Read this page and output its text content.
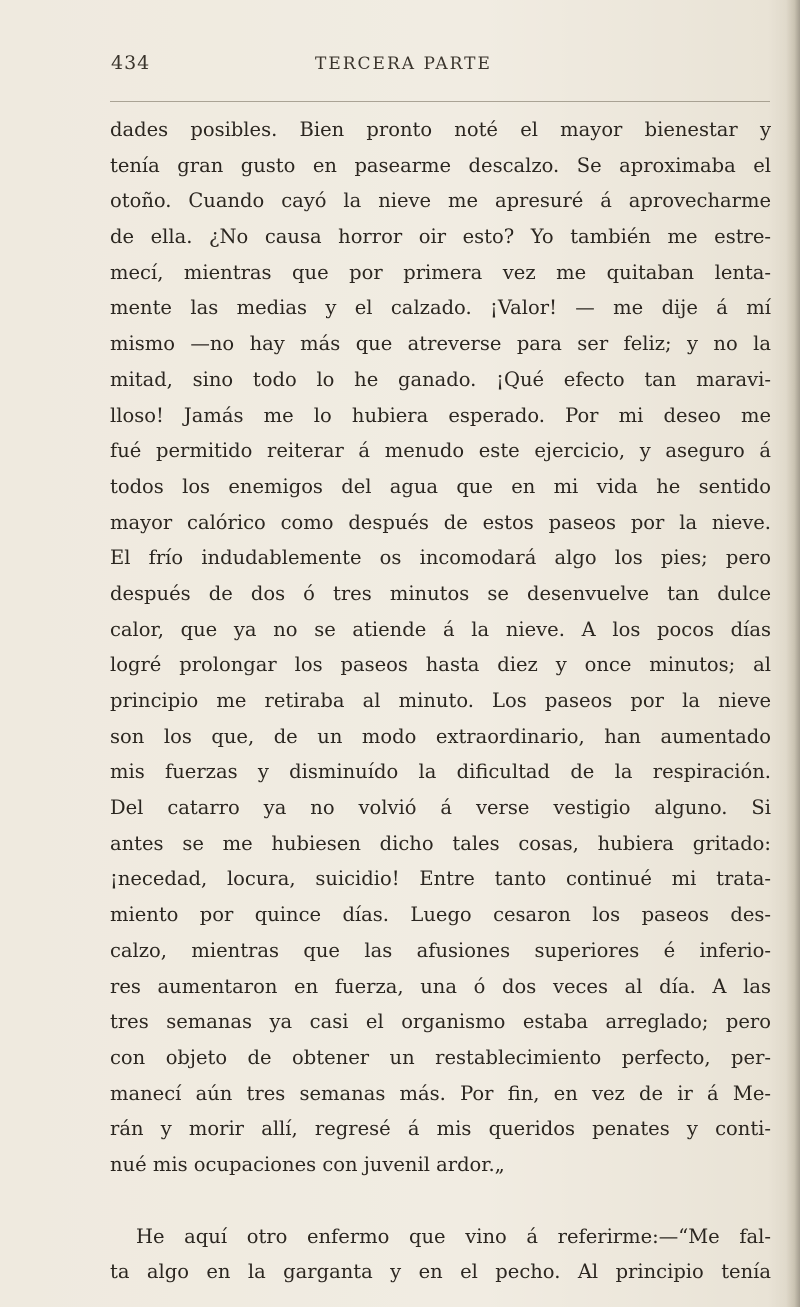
434	TERCERA PARTE
dades posibles. Bien pronto noté el mayor bienestar y
tenía gran gusto en pasearme descalzo. Se aproximaba el
otoño. Cuando cayó la nieve me apresuré á aprovecharme
de ella. ¿No causa horror oir esto? Yo también me estre-
mecí, mientras que por primera vez me quitaban lenta-
mente las medias y el calzado. ¡Valor! — me dije á mí
mismo —no hay más que atreverse para ser feliz; y no la
mitad, sino todo lo he ganado. ¡Qué efecto tan maravi-
lloso! Jamás me lo hubiera esperado. Por mi deseo me
fué permitido reiterar á menudo este ejercicio, y aseguro á
todos los enemigos del agua que en mi vida he sentido
mayor calórico como después de estos paseos por la nieve.
El frío indudablemente os incomodará algo los pies; pero
después de dos ó tres minutos se desenvuelve tan dulce
calor, que ya no se atiende á la nieve. A los pocos días
logré prolongar los paseos hasta diez y once minutos; al
principio me retiraba al minuto. Los paseos por la nieve
son los que, de un modo extraordinario, han aumentado
mis fuerzas y disminuído la dificultad de la respiración.
Del catarro ya no volvió á verse vestigio alguno. Si
antes se me hubiesen dicho tales cosas, hubiera gritado:
¡necedad, locura, suicidio! Entre tanto continué mi trata-
miento por quince días. Luego cesaron los paseos des-
calzo, mientras que las afusiones superiores é inferio-
res aumentaron en fuerza, una ó dos veces al día. A las
tres semanas ya casi el organismo estaba arreglado; pero
con objeto de obtener un restablecimiento perfecto, per-
manecí aún tres semanas más. Por fin, en vez de ir á Me-
rán y morir allí, regresé á mis queridos penates y conti-
nué mis ocupaciones con juvenil ardor.„
He aquí otro enfermo que vino á referirme:—“Me fal-
ta algo en la garganta y en el pecho. Al principio tenía
